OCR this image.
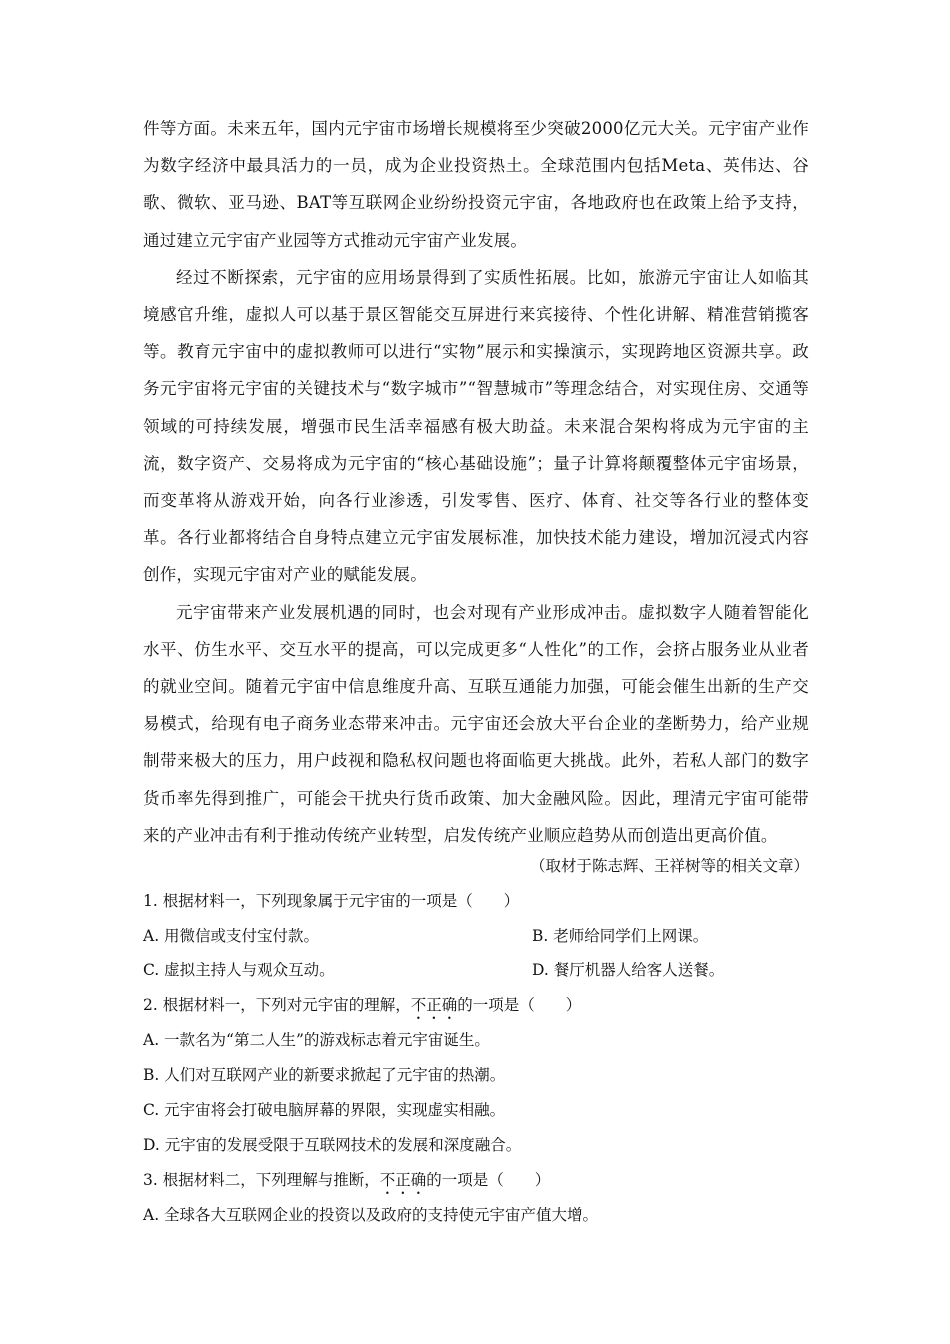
件等方面。未来五年，国内元宇宙市场增长规模将至少突破2000亿元大关。元宇宙产业作为数字经济中最具活力的一员，成为企业投资热土。全球范围内包括Meta、英伟达、谷歌、微软、亚马逊、BAT等互联网企业纷纷投资元宇宙，各地政府也在政策上给予支持，通过建立元宇宙产业园等方式推动元宇宙产业发展。

经过不断探索，元宇宙的应用场景得到了实质性拓展。比如，旅游元宇宙让人如临其境感官升维，虚拟人可以基于景区智能交互屏进行来宾接待、个性化讲解、精准营销揽客等。教育元宇宙中的虚拟教师可以进行“实物”展示和实操演示，实现跨地区资源共享。政务元宇宙将元宇宙的关键技术与“数字城市”“智慧城市”等理念结合，对实现住房、交通等领域的可持续发展，增强市民生活幸福感有极大助益。未来混合架构将成为元宇宙的主流，数字资产、交易将成为元宇宙的“核心基础设施”；量子计算将颠覆整体元宇宙场景，而变革将从游戏开始，向各行业渗透，引发零售、医疗、体育、社交等各行业的整体变革。各行业都将结合自身特点建立元宇宙发展标准，加快技术能力建设，增加沉浸式内容创作，实现元宇宙对产业的赋能发展。

元宇宙带来产业发展机遇的同时，也会对现有产业形成冲击。虚拟数字人随着智能化水平、仿生水平、交互水平的提高，可以完成更多“人性化”的工作，会挤占服务业从业者的就业空间。随着元宇宙中信息维度升高、互联互通能力加强，可能会催生出新的生产交易模式，给现有电子商务业态带来冲击。元宇宙还会放大平台企业的垄断势力，给产业规制带来极大的压力，用户歧视和隐私权问题也将面临更大挑战。此外，若私人部门的数字货币率先得到推广，可能会干扰央行货币政策、加大金融风险。因此，理清元宇宙可能带来的产业冲击有利于推动传统产业转型，启发传统产业顺应趋势从而创造出更高价值。

（取材于陈志辉、王祥树等的相关文章）
1. 根据材料一，下列现象属于元宇宙的一项是（　　）
A. 用微信或支付宝付款。	B. 老师给同学们上网课。
C. 虚拟主持人与观众互动。	D. 餐厅机器人给客人送餐。
2. 根据材料一，下列对元宇宙的理解，不正确的一项是（　　）
A. 一款名为“第二人生”的游戏标志着元宇宙诞生。
B. 人们对互联网产业的新要求掀起了元宇宙的热潮。
C. 元宇宙将会打破电脑屏幕的界限，实现虚实相融。
D. 元宇宙的发展受限于互联网技术的发展和深度融合。
3. 根据材料二，下列理解与推断，不正确的一项是（　　）
A. 全球各大互联网企业的投资以及政府的支持使元宇宙产值大增。
